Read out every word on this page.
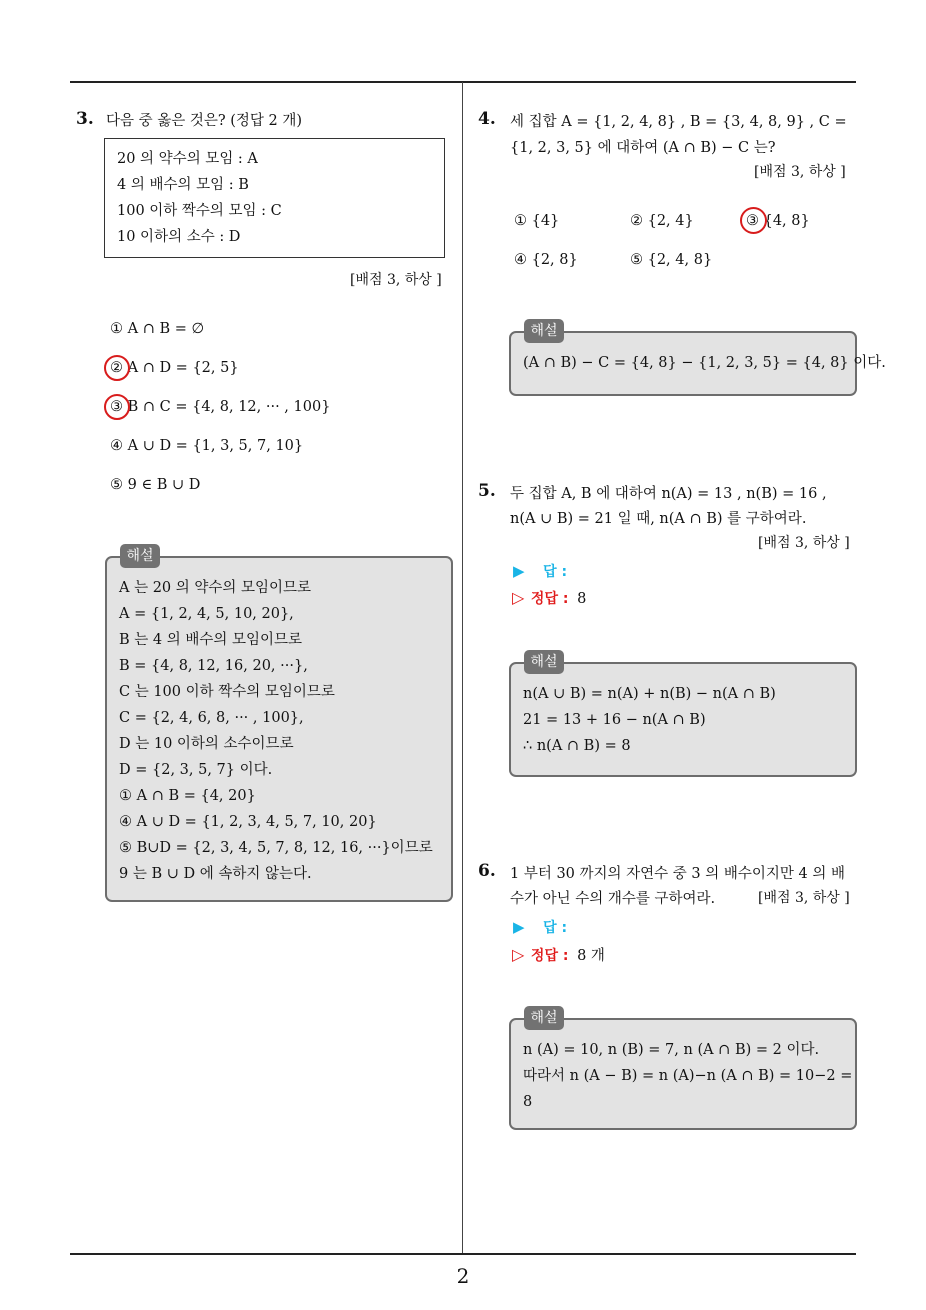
2
3. 다음 중 옳은 것은? (정답 2 개)
20 의 약수의 모임 : A
4 의 배수의 모임 : B
100 이하 짝수의 모임 : C
10 이하의 소수 : D
[배점 3, 하상 ]
① A ∩ B = ∅
② A ∩ D = {2, 5}
③ B ∩ C = {4, 8, 12, ··· , 100}
④ A ∪ D = {1, 3, 5, 7, 10}
⑤ 9 ∈ B ∪ D
A 는 20 의 약수의 모임이므로
A = {1, 2, 4, 5, 10, 20},
B 는 4 의 배수의 모임이므로
B = {4, 8, 12, 16, 20, ···},
C 는 100 이하 짝수의 모임이므로
C = {2, 4, 6, 8, ··· , 100},
D 는 10 이하의 소수이므로
D = {2, 3, 5, 7} 이다.
① A ∩ B = {4, 20}
④ A ∪ D = {1, 2, 3, 4, 5, 7, 10, 20}
⑤ B∪D = {2, 3, 4, 5, 7, 8, 12, 16, ···}이므로
9 는 B ∪ D 에 속하지 않는다.
해설
4. 세 집합 A = {1, 2, 4, 8} , B = {3, 4, 8, 9} , C =
{1, 2, 3, 5} 에 대하여 (A ∩ B) − C 는?
[배점 3, 하상 ]
① {4}	② {2, 4}	③ {4, 8}
④ {2, 8}	⑤ {2, 4, 8}
(A ∩ B) − C = {4, 8} − {1, 2, 3, 5} = {4, 8} 이다.
해설
5. 두 집합 A, B 에 대하여 n(A) = 13 , n(B) = 16 ,
n(A ∪ B) = 21 일 때, n(A ∩ B) 를 구하여라.
[배점 3, 하상 ]
▶ 답 :
▷ 정답 : 8
n(A ∪ B) = n(A) + n(B) − n(A ∩ B)
21 = 13 + 16 − n(A ∩ B)
∴ n(A ∩ B) = 8
해설
6. 1 부터 30 까지의 자연수 중 3 의 배수이지만 4 의 배
수가 아닌 수의 개수를 구하여라.	[배점 3, 하상 ]
▶ 답 :
▷ 정답 : 8 개
n (A) = 10, n (B) = 7, n (A ∩ B) = 2 이다.
따라서 n (A − B) = n (A)−n (A ∩ B) = 10−2 =
8
해설
